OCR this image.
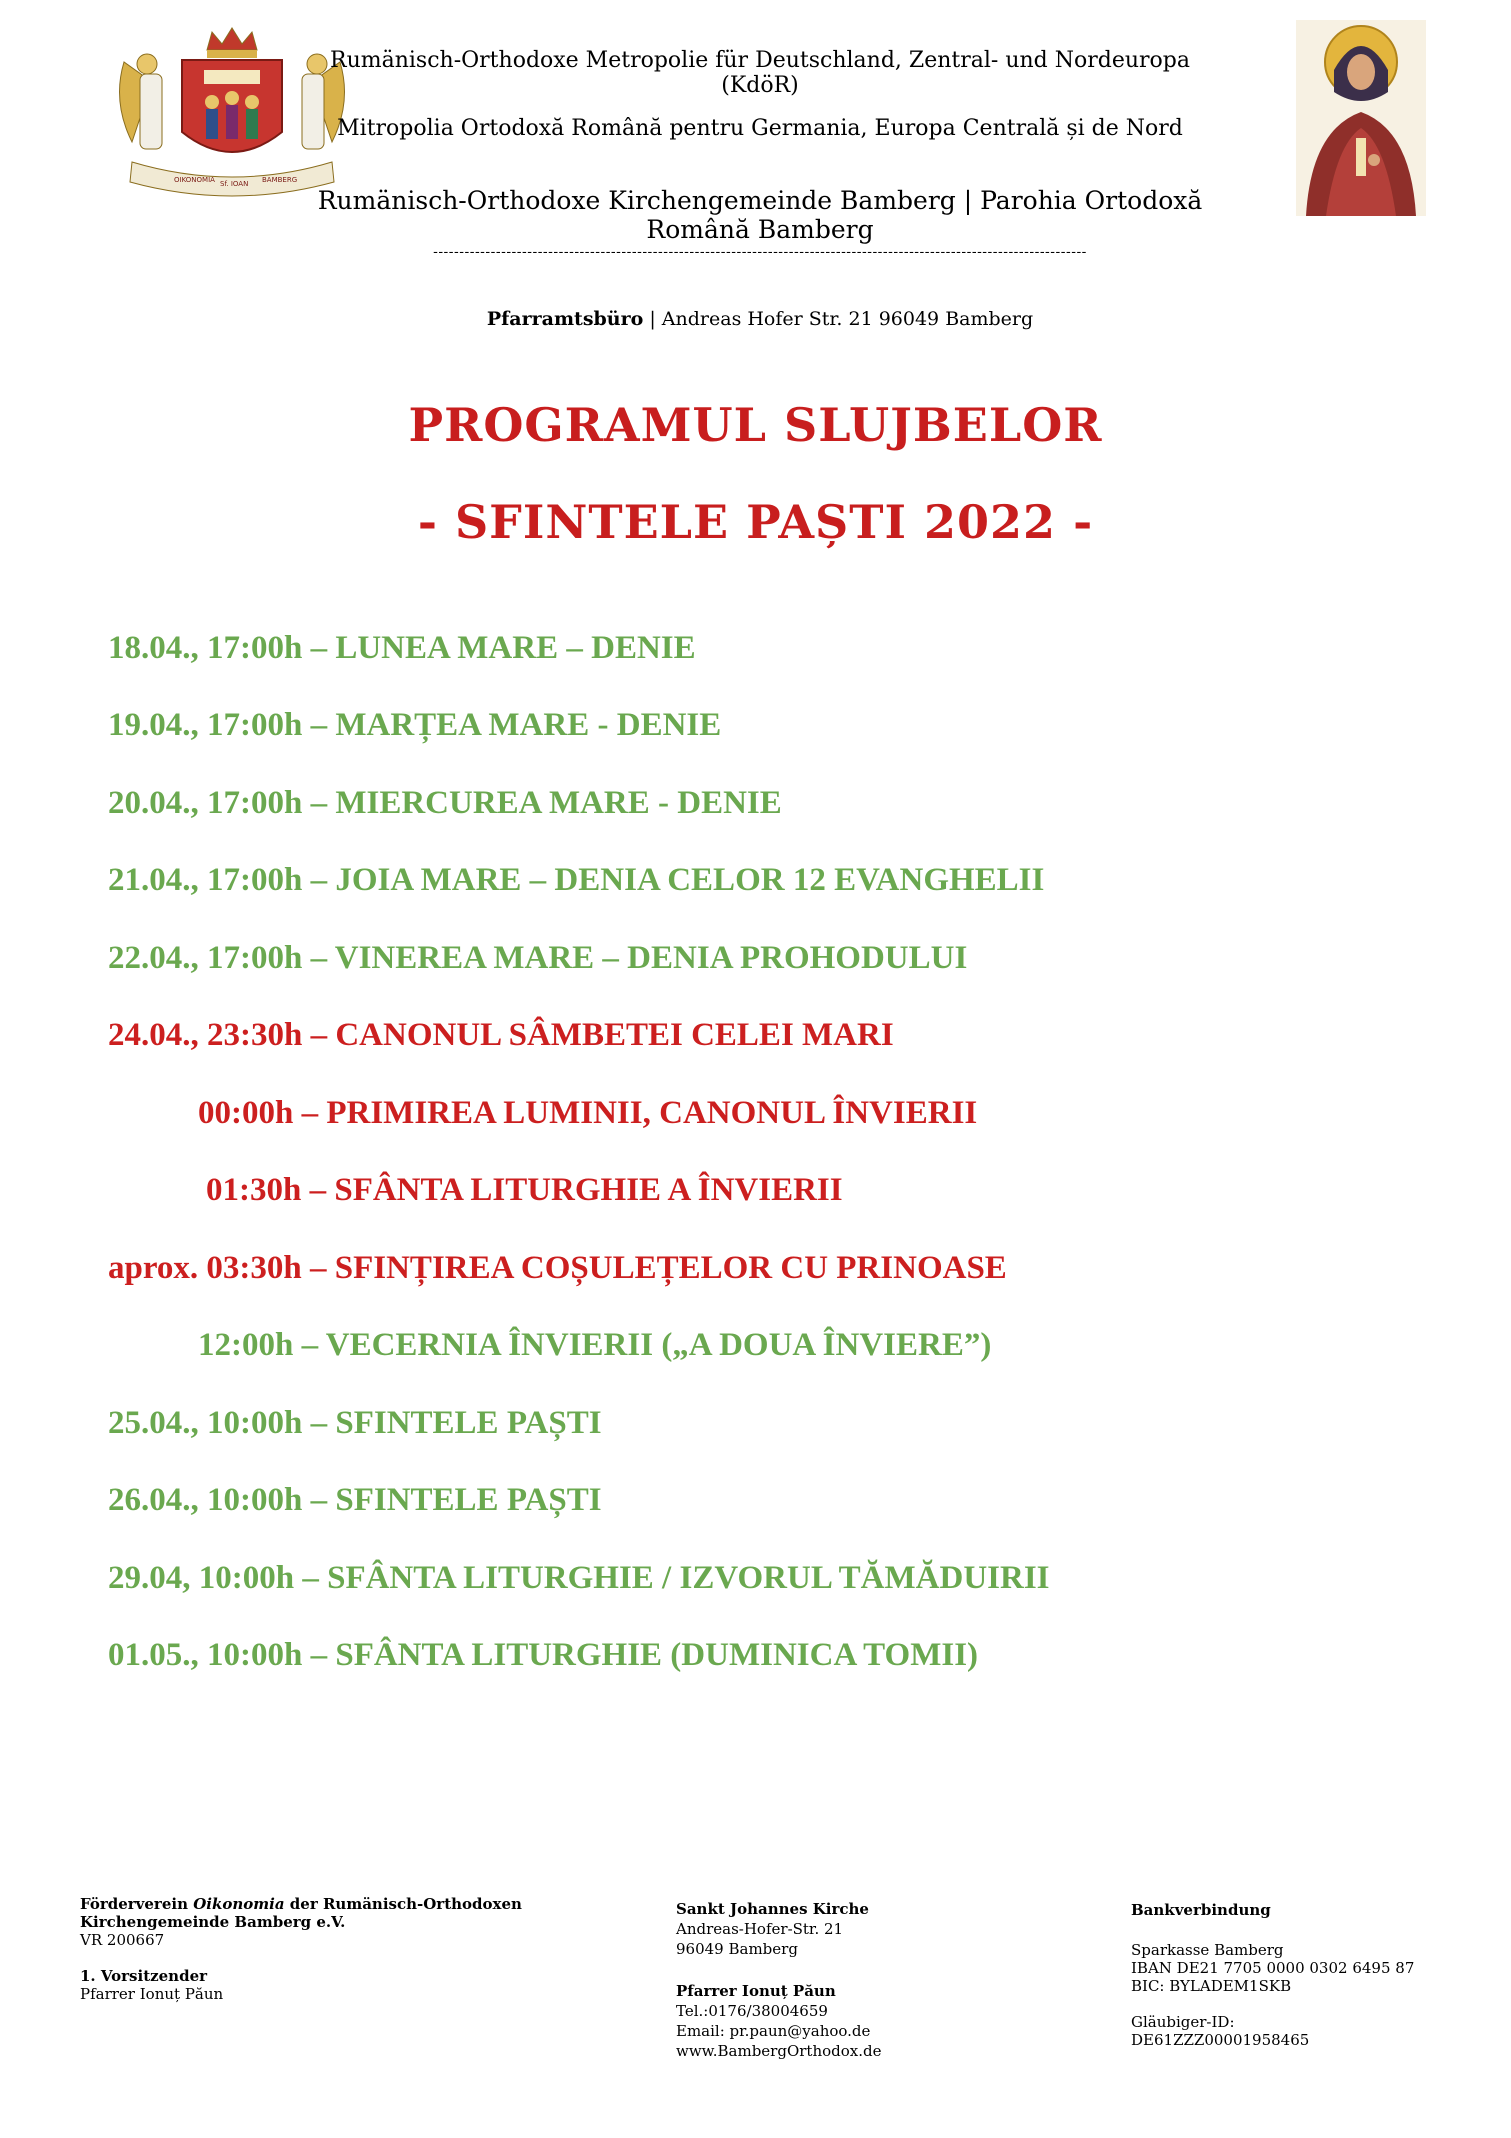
OIKONOMIA Sf. IOAN BAMBERG
Rumänisch-Orthodoxe Metropolie für Deutschland, Zentral- und Nordeuropa (KdöR)
Mitropolia Ortodoxă Română pentru Germania, Europa Centrală și de Nord
Rumänisch-Orthodoxe Kirchengemeinde Bamberg | Parohia Ortodoxă Română Bamberg
-----------------------------------------------------------------------------------------------------------------------------
Pfarramtsbüro | Andreas Hofer Str. 21 96049 Bamberg
PROGRAMUL SLUJBELOR
- SFINTELE PAȘTI 2022 -
18.04., 17:00h – LUNEA MARE – DENIE
19.04., 17:00h – MARȚEA MARE - DENIE
20.04., 17:00h – MIERCUREA MARE - DENIE
21.04., 17:00h – JOIA MARE – DENIA CELOR 12 EVANGHELII
22.04., 17:00h – VINEREA MARE – DENIA PROHODULUI
24.04., 23:30h – CANONUL SÂMBETEI CELEI MARI
00:00h – PRIMIREA LUMINII, CANONUL ÎNVIERII
01:30h – SFÂNTA LITURGHIE A ÎNVIERII
aprox. 03:30h – SFINȚIREA COȘULEȚELOR CU PRINOASE
12:00h – VECERNIA ÎNVIERII („A DOUA ÎNVIERE”)
25.04., 10:00h – SFINTELE PAȘTI
26.04., 10:00h – SFINTELE PAȘTI
29.04, 10:00h – SFÂNTA LITURGHIE / IZVORUL TĂMĂDUIRII
01.05., 10:00h – SFÂNTA LITURGHIE (DUMINICA TOMII)
Förderverein Oikonomia der Rumänisch-Orthodoxen
Kirchengemeinde Bamberg e.V.
VR 200667
1. Vorsitzender
Pfarrer Ionuț Păun
Sankt Johannes Kirche
Andreas-Hofer-Str. 21
96049 Bamberg
Pfarrer Ionuț Păun
Tel.:0176/38004659
Email: pr.paun@yahoo.de
www.BambergOrthodox.de
Bankverbindung
Sparkasse Bamberg
IBAN DE21 7705 0000 0302 6495 87
BIC: BYLADEM1SKB
Gläubiger-ID:
DE61ZZZ00001958465
